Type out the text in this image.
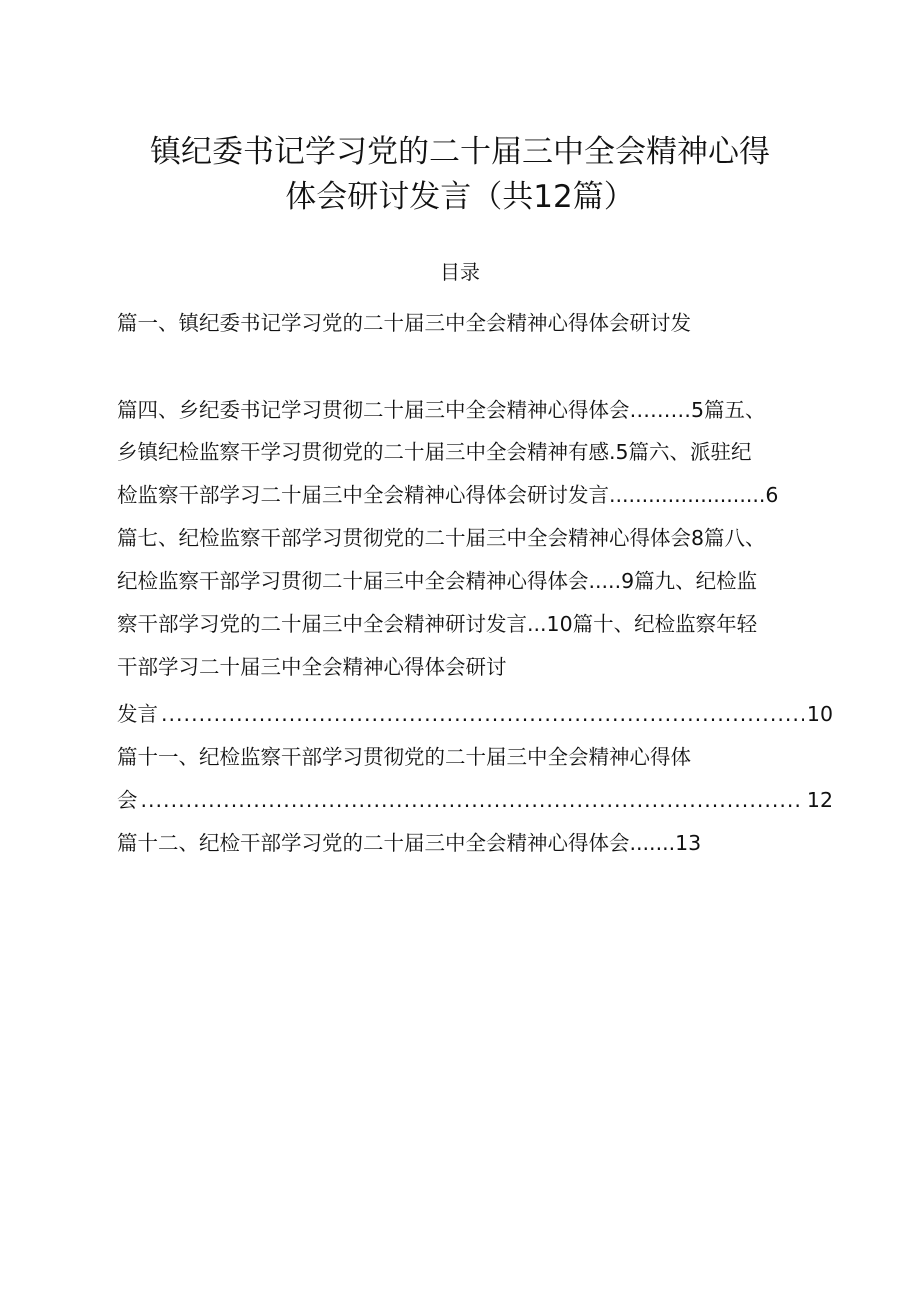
镇纪委书记学习党的二十届三中全会精神心得
体会研讨发言（共12篇）
目录
篇一、镇纪委书记学习党的二十届三中全会精神心得体会研讨发
篇四、乡纪委书记学习贯彻二十届三中全会精神心得体会………5篇五、
乡镇纪检监察干学习贯彻党的二十届三中全会精神有感.5篇六、派驻纪
检监察干部学习二十届三中全会精神心得体会研讨发言........................6
篇七、纪检监察干部学习贯彻党的二十届三中全会精神心得体会8篇八、
纪检监察干部学习贯彻二十届三中全会精神心得体会.....9篇九、纪检监
察干部学习党的二十届三中全会精神研讨发言...10篇十、纪检监察年轻
干部学习二十届三中全会精神心得体会研讨
发言 .....	10
篇十一、纪检监察干部学习贯彻党的二十届三中全会精神心得体
会 .....	12
篇十二、纪检干部学习党的二十届三中全会精神心得体会.......13
